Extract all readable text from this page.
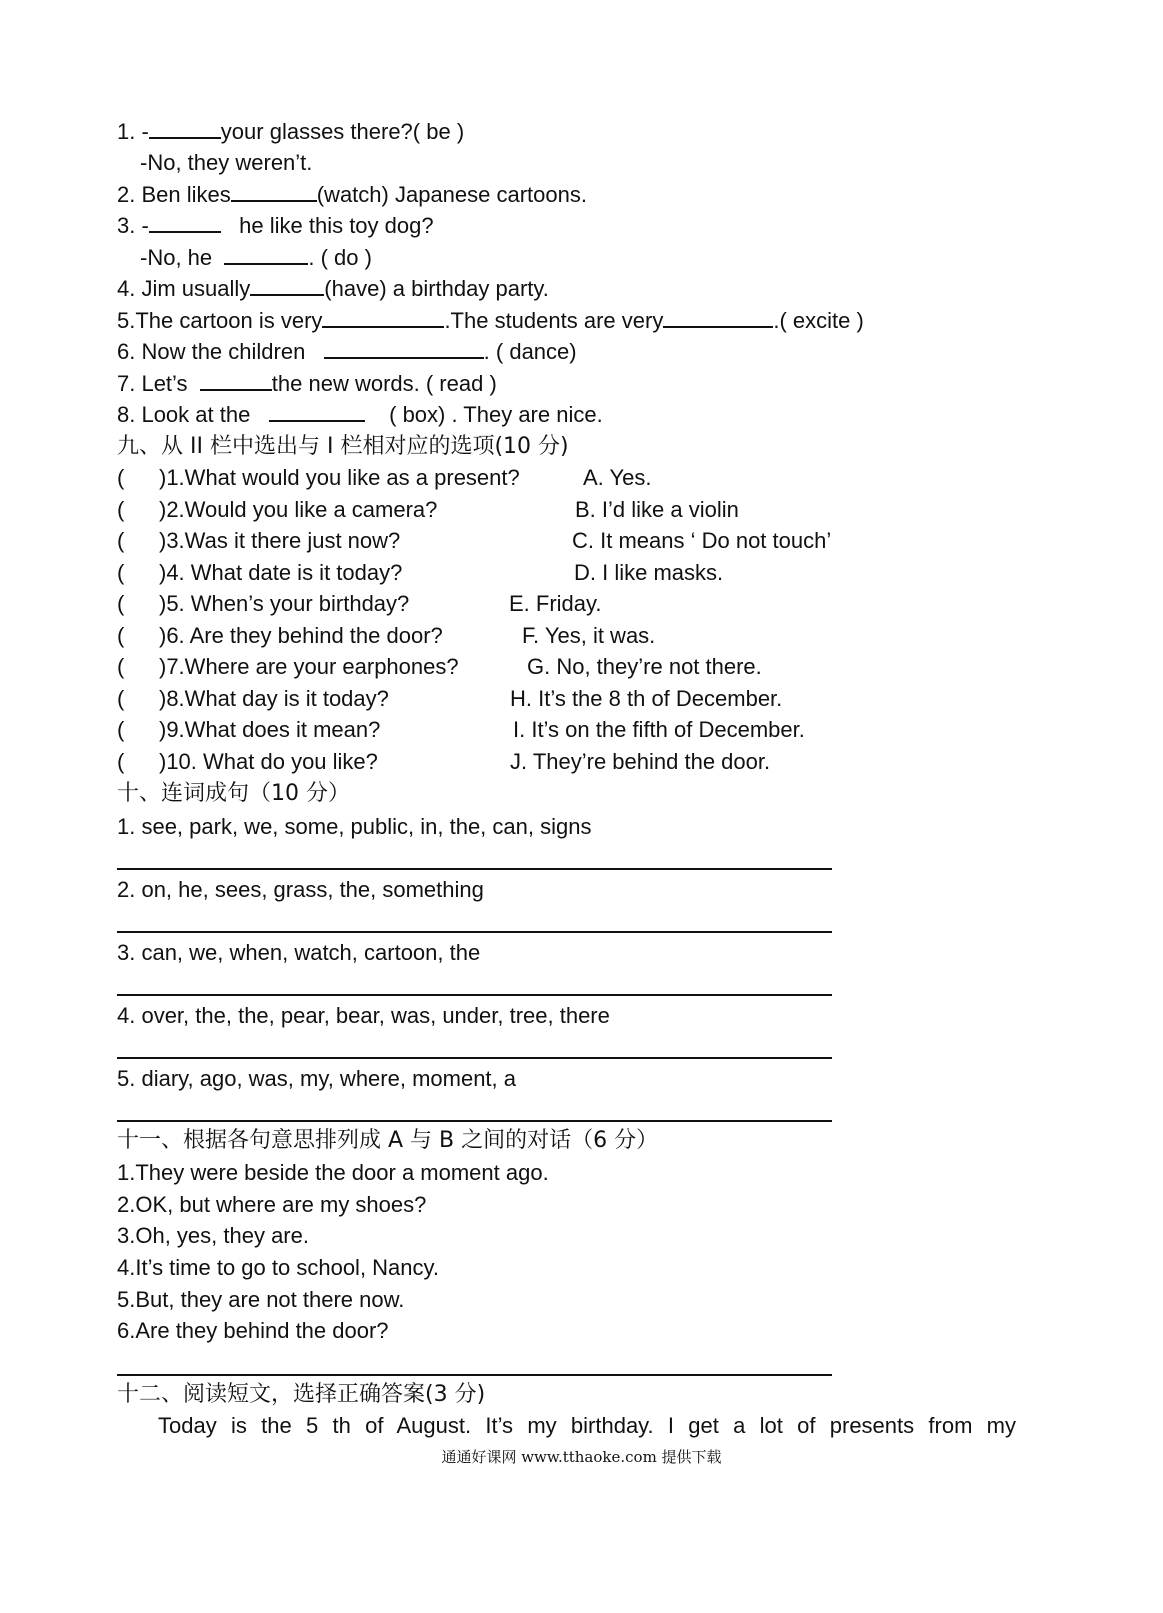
1. -	your glasses there?( be )
-No, they weren’t.
2. Ben likes	(watch) Japanese cartoons.
3. -	he like this toy dog?
-No, he	. ( do )
4. Jim usually	(have) a birthday party.
5.The cartoon is very	.The students are very	.( excite )
6. Now the children	. ( dance)
7. Let’s	the new words. ( read )
8. Look at the	( box) . They are nice.
九、从 II 栏中选出与 I 栏相对应的选项(10 分)
( )1.What would you like as a present?	A. Yes.
( )2.Would you like a camera?	B. I’d like a violin
( )3.Was it there just now?	C. It means ‘ Do not touch’
( )4. What date is it today?	D. I like masks.
( )5. When’s your birthday?	E. Friday.
( )6. Are they behind the door?	F. Yes, it was.
( )7.Where are your earphones?	G. No, they’re not there.
( )8.What day is it today?	H. It’s the 8 th of December.
( )9.What does it mean?	I. It’s on the fifth of December.
( )10. What do you like?	J. They’re behind the door.
十、连词成句（10 分）
1. see, park, we, some, public, in, the, can, signs
2. on, he, sees, grass, the, something
3. can, we, when, watch, cartoon, the
4. over, the, the, pear, bear, was, under, tree, there
5. diary, ago, was, my, where, moment, a
十一、根据各句意思排列成 A 与 B 之间的对话（6 分）
1.They were beside the door a moment ago.
2.OK, but where are my shoes?
3.Oh, yes, they are.
4.It’s time to go to school, Nancy.
5.But, they are not there now.
6.Are they behind the door?
十二、阅读短文，选择正确答案(3 分)
Today is the 5 th of August. It’s my birthday. I get a lot of presents from my
通通好课网 www.tthaoke.com 提供下载
